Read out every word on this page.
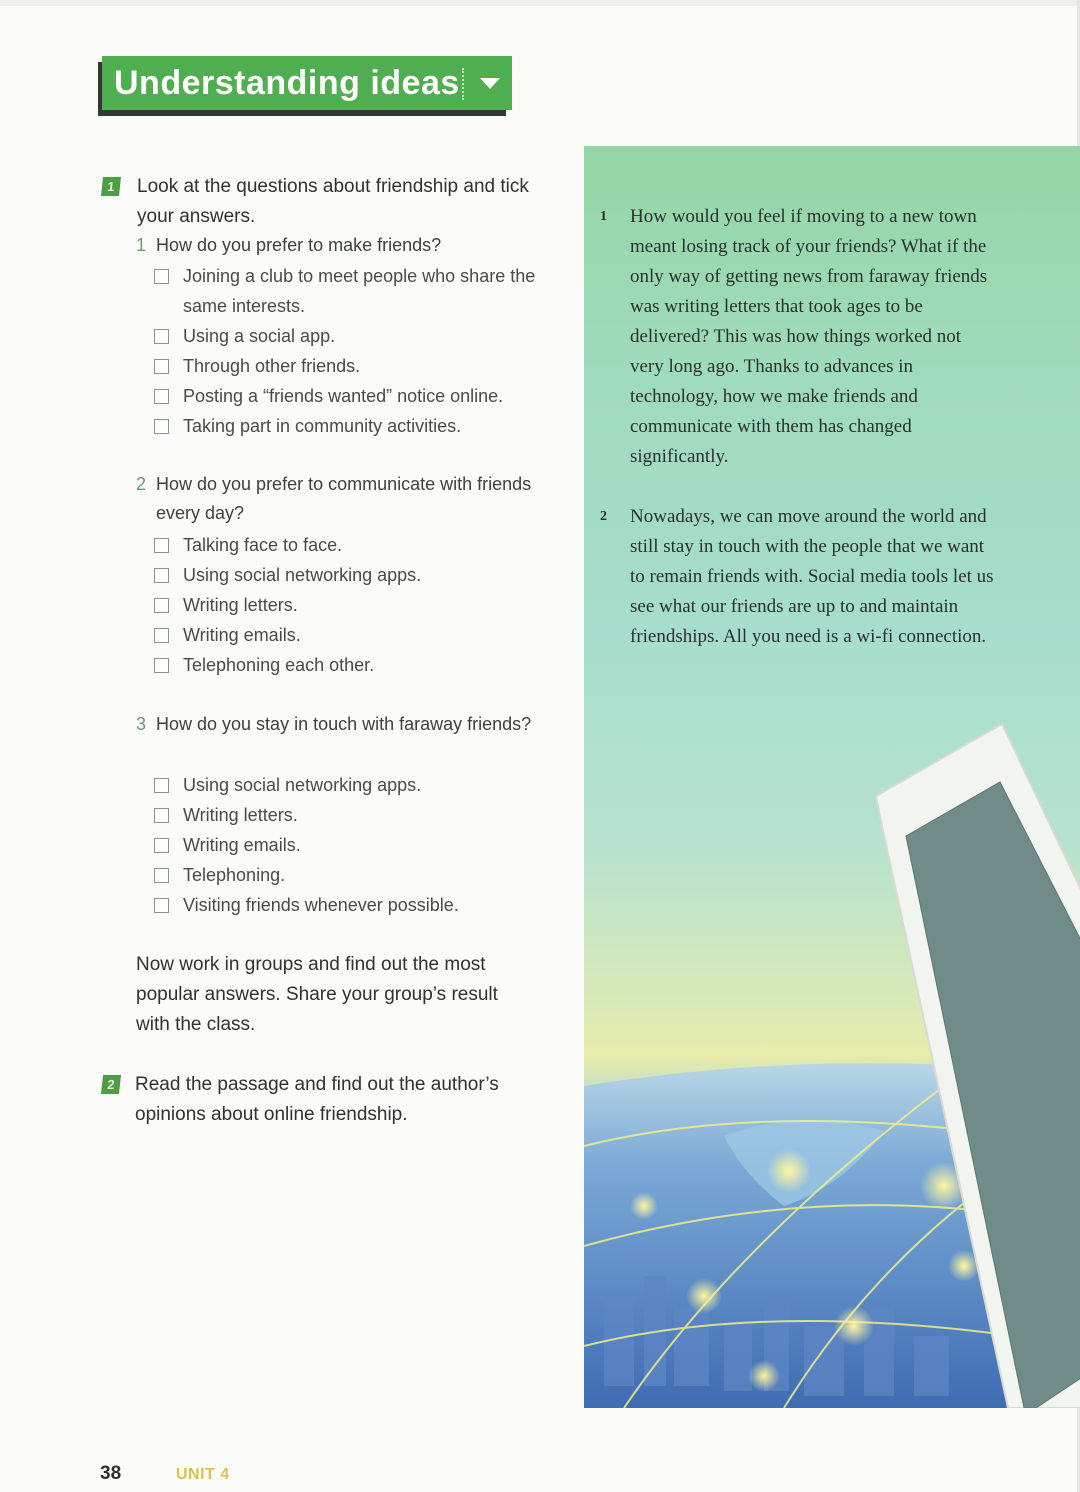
Understanding ideas
1 Look at the questions about friendship and tick your answers.
1 How do you prefer to make friends?
Joining a club to meet people who share the same interests.
Using a social app.
Through other friends.
Posting a “friends wanted” notice online.
Taking part in community activities.
2 How do you prefer to communicate with friends every day?
Talking face to face.
Using social networking apps.
Writing letters.
Writing emails.
Telephoning each other.
3 How do you stay in touch with faraway friends?
Using social networking apps.
Writing letters.
Writing emails.
Telephoning.
Visiting friends whenever possible.
Now work in groups and find out the most popular answers. Share your group’s result with the class.
2 Read the passage and find out the author’s opinions about online friendship.
1 How would you feel if moving to a new town meant losing track of your friends? What if the only way of getting news from faraway friends was writing letters that took ages to be delivered? This was how things worked not very long ago. Thanks to advances in technology, how we make friends and communicate with them has changed significantly.
2 Nowadays, we can move around the world and still stay in touch with the people that we want to remain friends with. Social media tools let us see what our friends are up to and maintain friendships. All you need is a wi-fi connection.
38	UNIT 4
